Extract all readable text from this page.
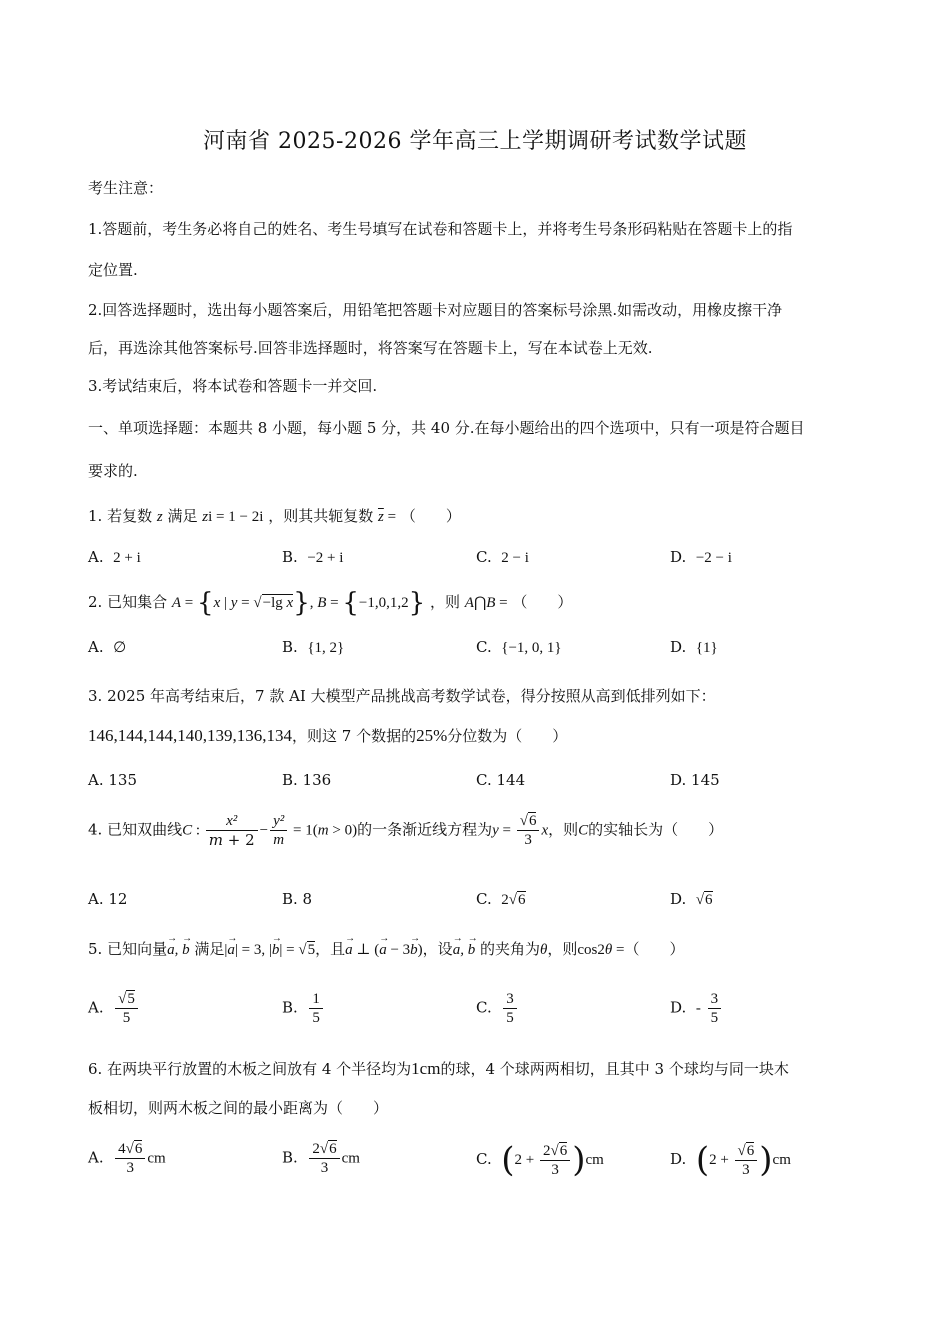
河南省 2025-2026 学年高三上学期调研考试数学试题
考生注意：
1.答题前，考生务必将自己的姓名、考生号填写在试卷和答题卡上，并将考生号条形码粘贴在答题卡上的指
定位置.
2.回答选择题时，选出每小题答案后，用铅笔把答题卡对应题目的答案标号涂黑.如需改动，用橡皮擦干净
后，再选涂其他答案标号.回答非选择题时，将答案写在答题卡上，写在本试卷上无效.
3.考试结束后，将本试卷和答题卡一并交回.
一、单项选择题：本题共 8 小题，每小题 5 分，共 40 分.在每小题给出的四个选项中，只有一项是符合题目
要求的.
1. 若复数 z 满足 zi = 1 − 2i ，则其共轭复数 $\overline{z}$ = （　　）
A. 2 + i	B. −2 + i	C. 2 − i	D. −2 − i
2. 已知集合 A = {x | y = √−lg x}, B = {−1,0,1,2} ，则 A⋂B = （　　）
A. ∅	B. {1, 2}	C. {−1, 0, 1}	D. {1}
3. 2025 年高考结束后，7 款 AI 大模型产品挑战高考数学试卷，得分按照从高到低排列如下：
146,144,144,140,139,136,134，则这 7 个数据的25%分位数为（　　）
A. 135	B. 136	C. 144	D. 145
4. 已知双曲线C : $\frac{\text{x²}}{m + 2} - \frac{\text{y²}}{m} = 1(m > 0)$的一条渐近线方程为$y = \frac{√6}{3}$ x，则C的实轴长为（　　）
A. 12	B. 8	C. 2√6	D. √6
5. 已知向量→ a, → b 满足|→ a| = 3, |→ b| = √5，且→ a ⊥ (→ a − 3→ b)，设→ a, → b 的夹角为θ，则cos2θ =（　　）
A. $\frac{√5}{5}$	B. $\frac{1}{5}$	C. $\frac{3}{5}$	D. - $\frac{3}{5}$
6. 在两块平行放置的木板之间放有 4 个半径均为1cm的球，4 个球两两相切，且其中 3 个球均与同一块木
板相切，则两木板之间的最小距离为（　　）
A. $\frac{4√6}{3}$ cm	B. $\frac{2√6}{3}$ cm	C. $(2 + \frac{2√6}{3} )cm$	D. $(2 + \frac{√6}{3} )cm$
